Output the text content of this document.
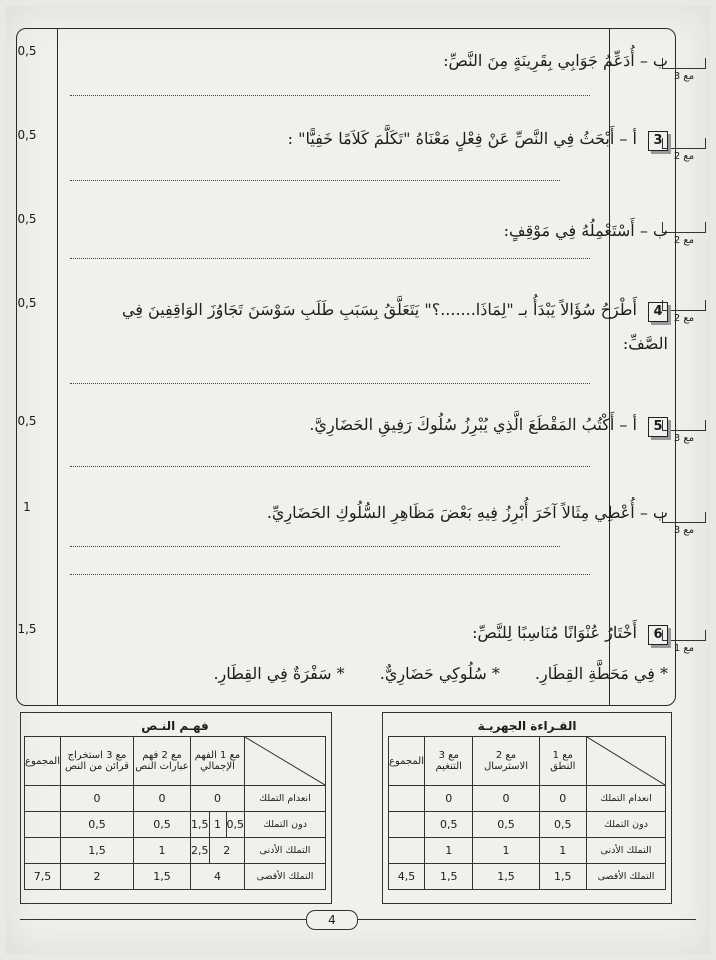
0,5
0,5
0,5
0,5
0,5
1
1,5
مع 3
مع 2
مع 2
مع 2
مع 3
مع 3
مع 1
ب – أُدَعِّمُ جَوَابِي بِقَرِينَةٍ مِنَ النَّصِّ:
3 أ – أَبْحَثُ فِي النَّصِّ عَنْ فِعْلٍ مَعْنَاهُ "تَكَلَّمَ كَلاَمًا خَفِيًّا" :
ب – أَسْتَعْمِلُهُ فِي مَوْقِفٍ:
4 أَطْرَحُ سُؤَالاً يَبْدَأُ بـ "لِمَاذَا.......؟" يَتَعَلَّقُ بِسَبَبِ طَلَبِ سَوْسَنَ تَجَاوُزَ الوَاقِفِينَ فِي الصَّفِّ:
5 أ – أَكْتُبُ المَقْطَعَ الَّذِي يُبْرِزُ سُلُوكَ رَفِيقِ الحَضَارِيَّ.
ب – أُعْطِي مِثَالاً آخَرَ أُبْرِزُ فِيهِ بَعْضَ مَظَاهِرِ السُّلُوكِ الحَضَارِيِّ.
6 أَخْتَارُ عُنْوَانًا مُنَاسِبًا لِلنَّصِّ:
* فِي مَحَطَّةِ القِطَارِ. * سُلُوكِي حَضَارِيٌّ. * سَفْرَةٌ فِي القِطَارِ.
القـراءة الجهريـة				

	مع 1 النطق	مع 2 الاسترسال	مع 3 التنغيم	المجموع
انعدام التملك	0	0	0	
دون التملك	0,5	0,5	0,5	
التملك الأدنى	1	1	1	
التملك الأقصى	1,5	1,5	1,5	4,5
فهـم النـص						

	مع 1 الفهم الإجمالي			مع 2 فهم عبارات النص	مع 3 استخراج قرائن من النص	المجموع
انعدام التملك	0			0	0	
دون التملك	0,5	1	1,5	0,5	0,5	
التملك الأدنى	2		2,5	1	1,5	
التملك الأقصى	4			1,5	2	7,5
4
